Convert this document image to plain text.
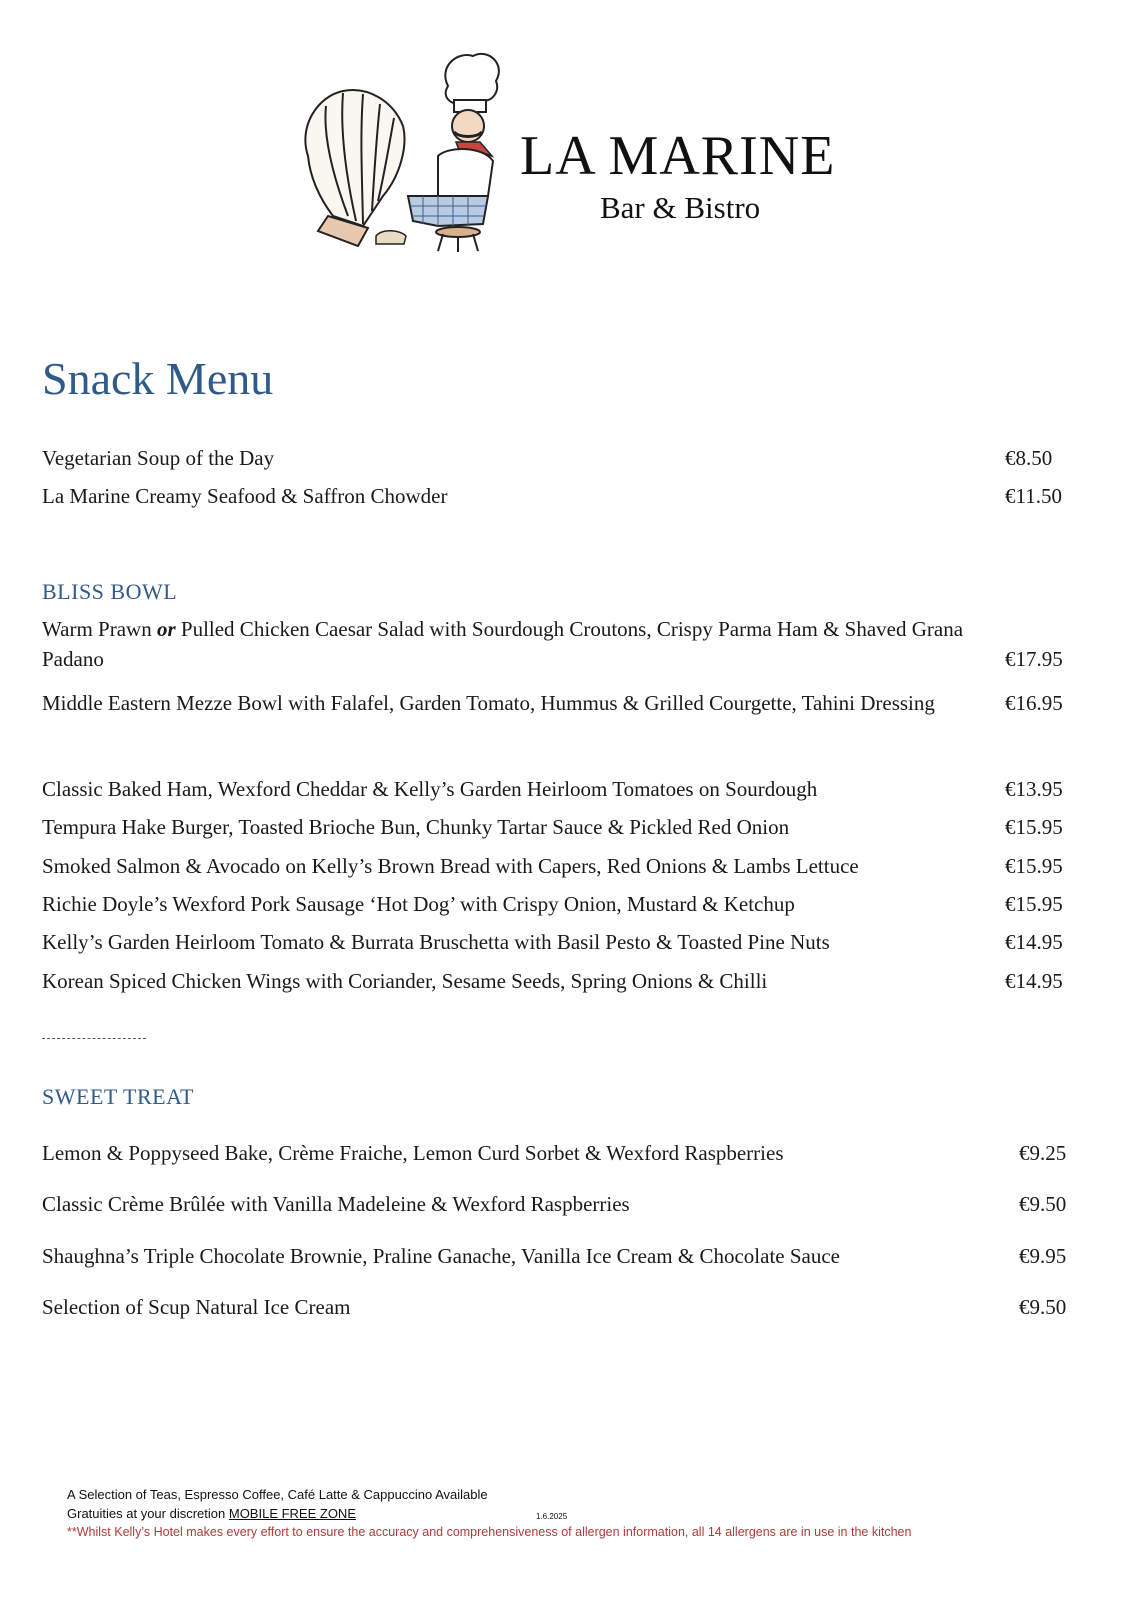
LA MARINE
Bar & Bistro
Snack Menu
Vegetarian Soup of the Day	€8.50
La Marine Creamy Seafood & Saffron Chowder	€11.50
BLISS BOWL
Warm Prawn or Pulled Chicken Caesar Salad with Sourdough Croutons, Crispy Parma Ham & Shaved Grana Padano	€17.95
Middle Eastern Mezze Bowl with Falafel, Garden Tomato, Hummus & Grilled Courgette, Tahini Dressing	€16.95
Classic Baked Ham, Wexford Cheddar & Kelly’s Garden Heirloom Tomatoes on Sourdough	€13.95
Tempura Hake Burger, Toasted Brioche Bun, Chunky Tartar Sauce & Pickled Red Onion	€15.95
Smoked Salmon & Avocado on Kelly’s Brown Bread with Capers, Red Onions & Lambs Lettuce	€15.95
Richie Doyle’s Wexford Pork Sausage ‘Hot Dog’ with Crispy Onion, Mustard & Ketchup	€15.95
Kelly’s Garden Heirloom Tomato & Burrata Bruschetta with Basil Pesto & Toasted Pine Nuts	€14.95
Korean Spiced Chicken Wings with Coriander, Sesame Seeds, Spring Onions & Chilli	€14.95
SWEET TREAT
Lemon & Poppyseed Bake, Crème Fraiche, Lemon Curd Sorbet & Wexford Raspberries	€9.25
Classic Crème Brûlée with Vanilla Madeleine & Wexford Raspberries	€9.50
Shaughna’s Triple Chocolate Brownie, Praline Ganache, Vanilla Ice Cream & Chocolate Sauce	€9.95
Selection of Scup Natural Ice Cream	€9.50
A Selection of Teas, Espresso Coffee, Café Latte & Cappuccino Available
Gratuities at your discretion MOBILE FREE ZONE	1.6.2025
**Whilst Kelly’s Hotel makes every effort to ensure the accuracy and comprehensiveness of allergen information, all 14 allergens are in use in the kitchen
